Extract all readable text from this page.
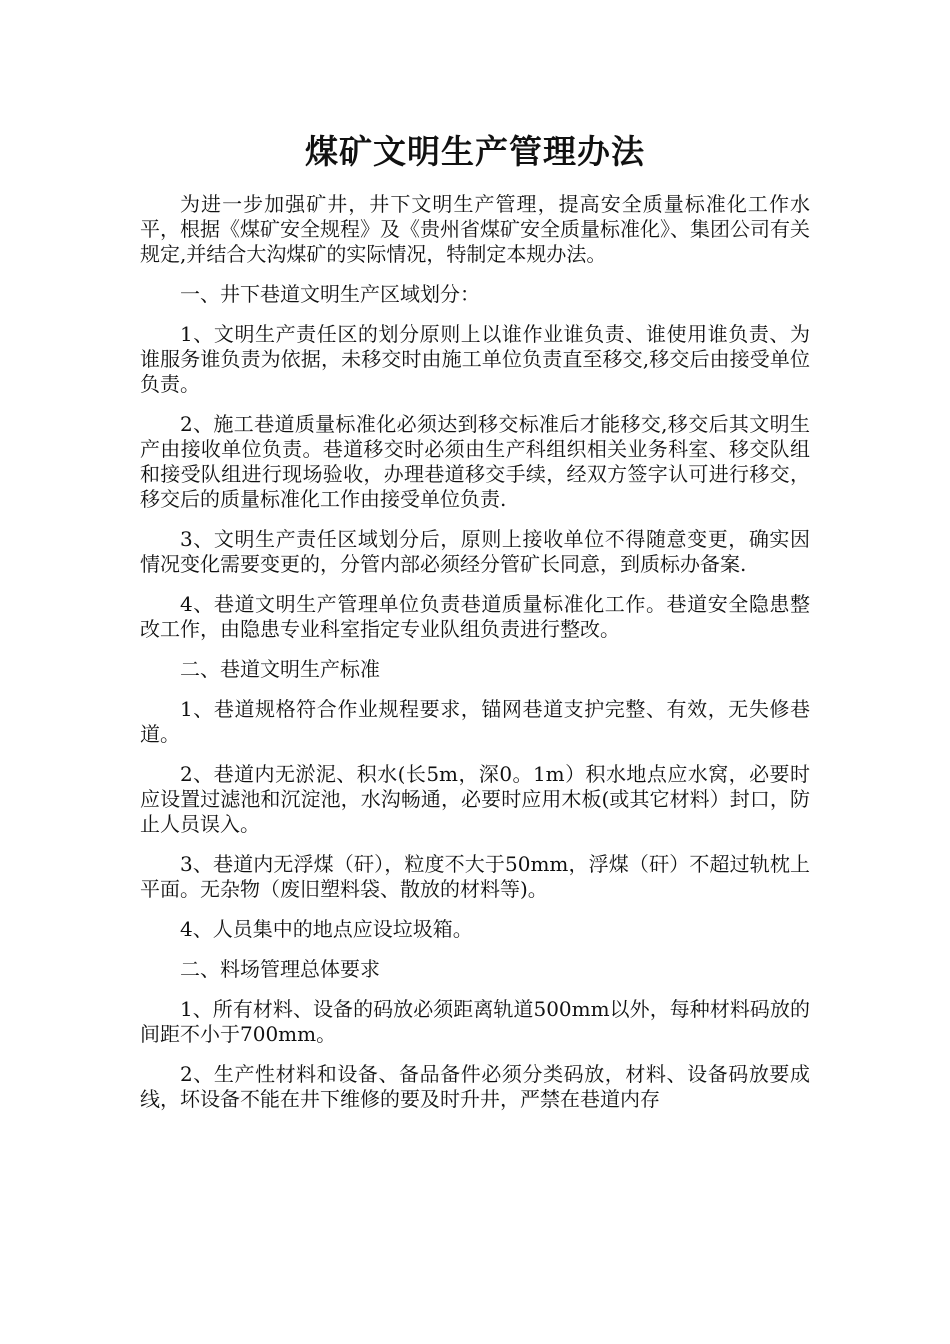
煤矿文明生产管理办法

为进一步加强矿井，井下文明生产管理，提高安全质量标准化工作水平，根据《煤矿安全规程》及《贵州省煤矿安全质量标准化》、集团公司有关规定,并结合大沟煤矿的实际情况，特制定本规办法。

一、井下巷道文明生产区域划分：

1、文明生产责任区的划分原则上以谁作业谁负责、谁使用谁负责、为谁服务谁负责为依据，未移交时由施工单位负责直至移交,移交后由接受单位负责。

2、施工巷道质量标准化必须达到移交标准后才能移交,移交后其文明生产由接收单位负责。巷道移交时必须由生产科组织相关业务科室、移交队组和接受队组进行现场验收，办理巷道移交手续，经双方签字认可进行移交，移交后的质量标准化工作由接受单位负责.

3、文明生产责任区域划分后，原则上接收单位不得随意变更，确实因情况变化需要变更的，分管内部必须经分管矿长同意，到质标办备案.

4、巷道文明生产管理单位负责巷道质量标准化工作。巷道安全隐患整改工作，由隐患专业科室指定专业队组负责进行整改。

二、巷道文明生产标准

1、巷道规格符合作业规程要求，锚网巷道支护完整、有效，无失修巷道。

2、巷道内无淤泥、积水(长5m，深0。1m）积水地点应水窝，必要时应设置过滤池和沉淀池，水沟畅通，必要时应用木板(或其它材料）封口，防止人员误入。

3、巷道内无浮煤（矸），粒度不大于50mm，浮煤（矸）不超过轨枕上平面。无杂物（废旧塑料袋、散放的材料等)。

4、人员集中的地点应设垃圾箱。

二、料场管理总体要求

1、所有材料、设备的码放必须距离轨道500mm以外，每种材料码放的间距不小于700mm。

2、生产性材料和设备、备品备件必须分类码放，材料、设备码放要成线，坏设备不能在井下维修的要及时升井，严禁在巷道内存
